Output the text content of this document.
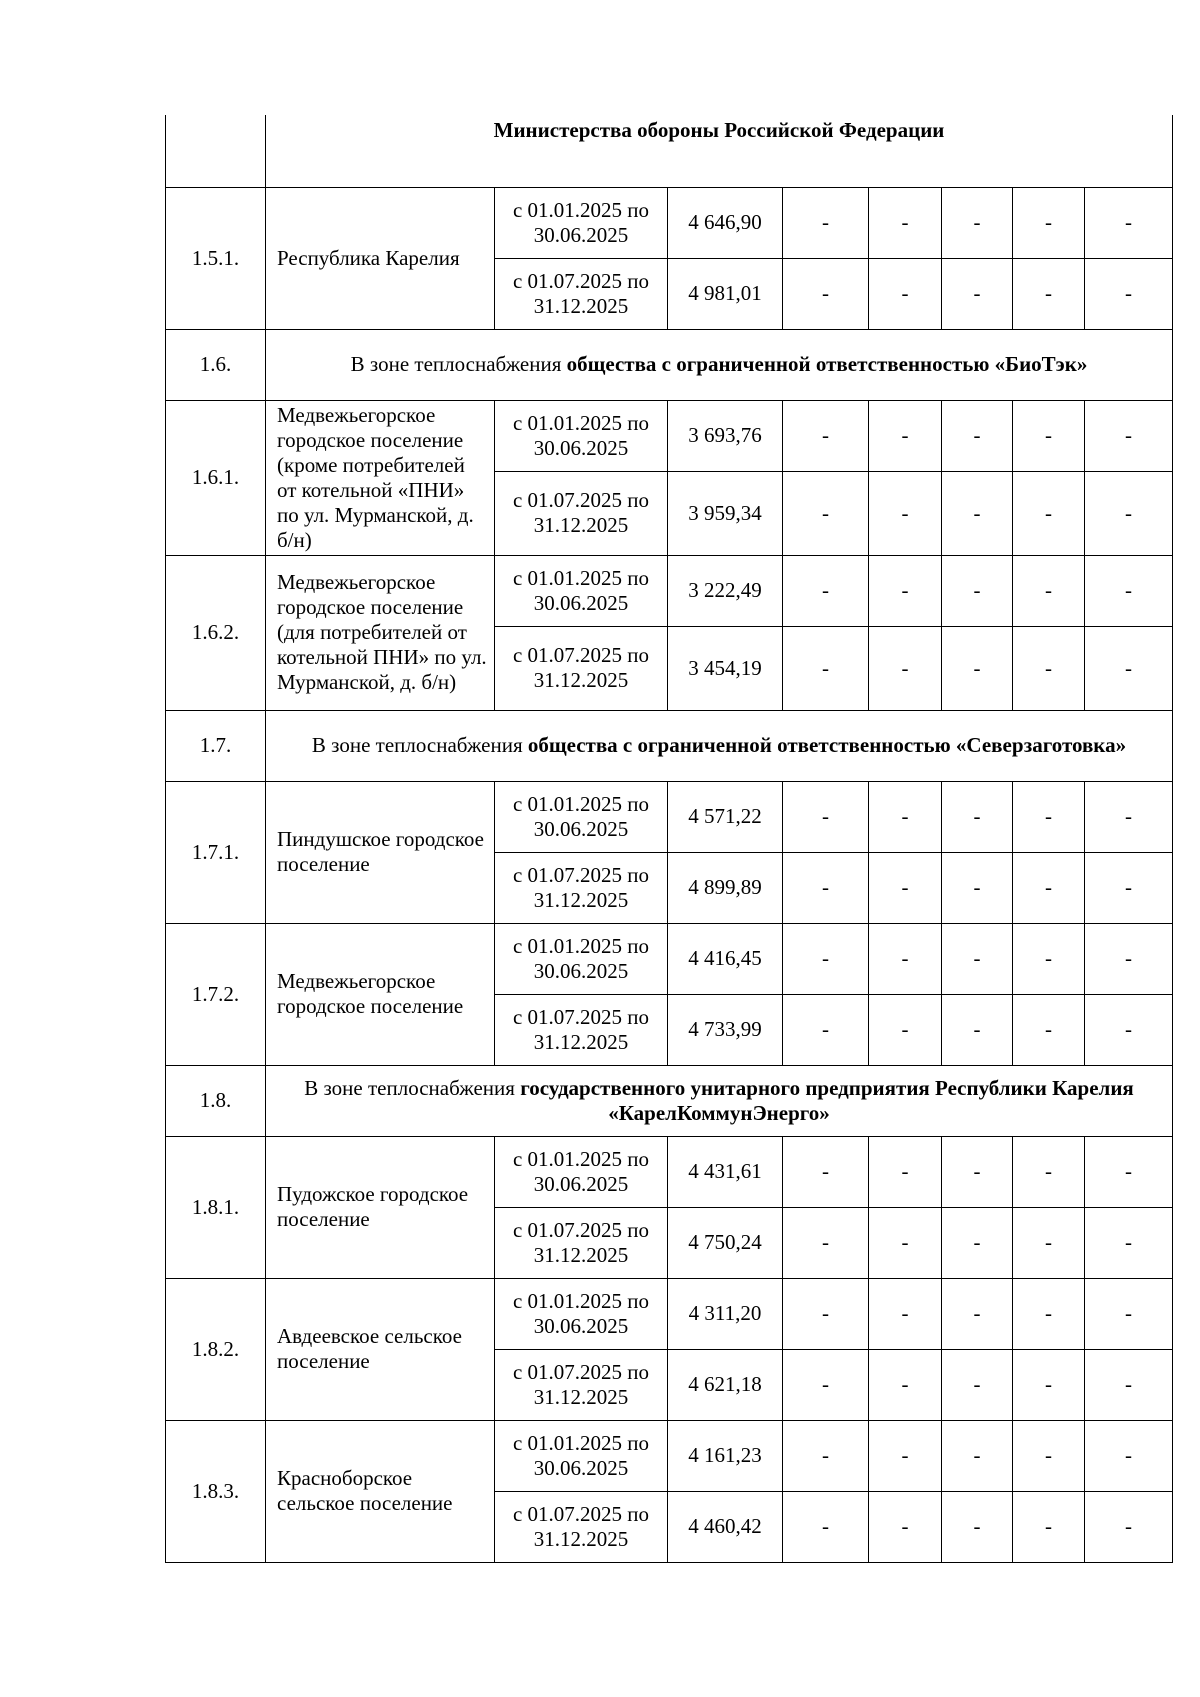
	Министерства обороны Российской Федерации							
1.5.1.	Республика Карелия	с 01.01.2025 по 30.06.2025	4 646,90	-	-	-	-	-
		с 01.07.2025 по 31.12.2025	4 981,01	-	-	-	-	-
1.6.	В зоне теплоснабжения общества с ограниченной ответственностью «БиоТэк»							
1.6.1.	Медвежьегорское городское поселение (кроме потребителей от котельной «ПНИ» по ул. Мурманской, д. б/н)	с 01.01.2025 по 30.06.2025	3 693,76	-	-	-	-	-
		с 01.07.2025 по 31.12.2025	3 959,34	-	-	-	-	-
1.6.2.	Медвежьегорское городское поселение (для потребителей от котельной ПНИ» по ул. Мурманской, д. б/н)	с 01.01.2025 по 30.06.2025	3 222,49	-	-	-	-	-
		с 01.07.2025 по 31.12.2025	3 454,19	-	-	-	-	-
1.7.	В зоне теплоснабжения общества с ограниченной ответственностью «Северзаготовка»							
1.7.1.	Пиндушское городское поселение	с 01.01.2025 по 30.06.2025	4 571,22	-	-	-	-	-
		с 01.07.2025 по 31.12.2025	4 899,89	-	-	-	-	-
1.7.2.	Медвежьегорское городское поселение	с 01.01.2025 по 30.06.2025	4 416,45	-	-	-	-	-
		с 01.07.2025 по 31.12.2025	4 733,99	-	-	-	-	-
1.8.	В зоне теплоснабжения государственного унитарного предприятия Республики Карелия «КарелКоммунЭнерго»							
1.8.1.	Пудожское городское поселение	с 01.01.2025 по 30.06.2025	4 431,61	-	-	-	-	-
		с 01.07.2025 по 31.12.2025	4 750,24	-	-	-	-	-
1.8.2.	Авдеевское сельское поселение	с 01.01.2025 по 30.06.2025	4 311,20	-	-	-	-	-
		с 01.07.2025 по 31.12.2025	4 621,18	-	-	-	-	-
1.8.3.	Красноборское сельское поселение	с 01.01.2025 по 30.06.2025	4 161,23	-	-	-	-	-
		с 01.07.2025 по 31.12.2025	4 460,42	-	-	-	-	-
